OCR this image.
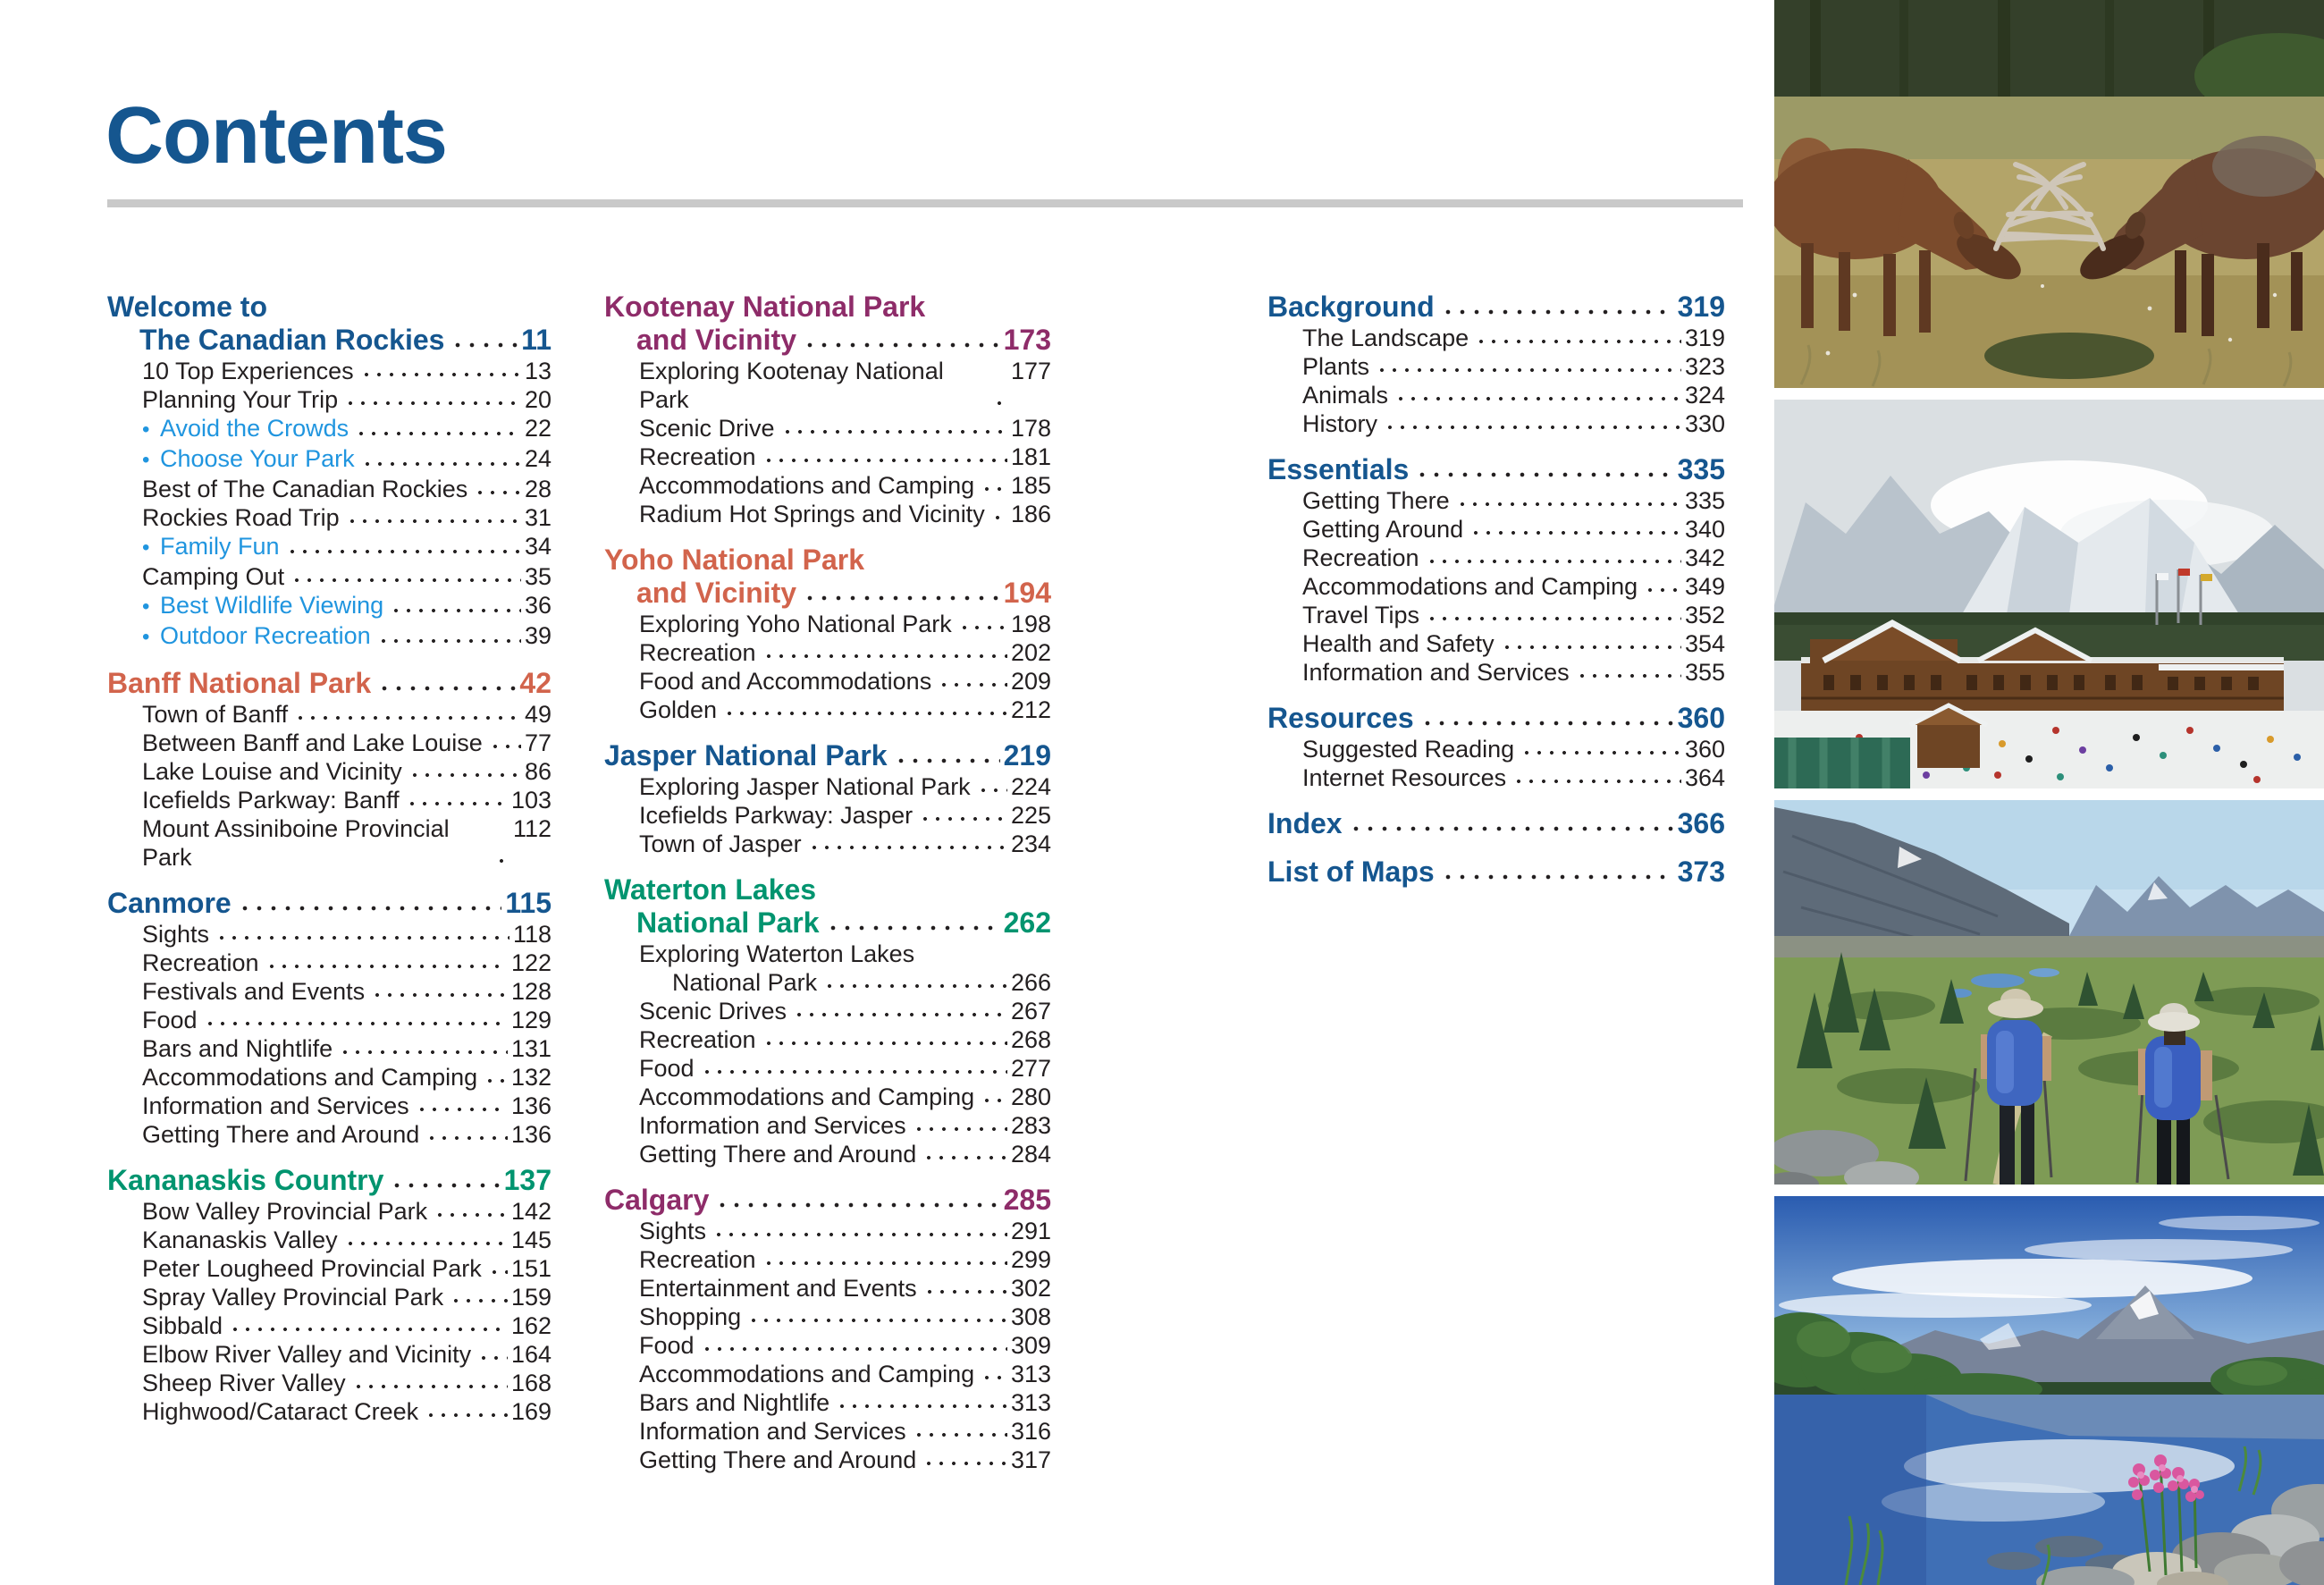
Contents
Welcome to
The Canadian Rockies	11
10 Top Experiences	13
Planning Your Trip	20
• Avoid the Crowds	22
• Choose Your Park	24
Best of The Canadian Rockies 28
Rockies Road Trip	31
• Family Fun	34
Camping Out	35
• Best Wildlife Viewing	36
• Outdoor Recreation	39
Banff National Park	42
Town of Banff	49
Between Banff and Lake Louise 77
Lake Louise and Vicinity	86
Icefields Parkway: Banff	103
Mount Assiniboine Provincial Park
112
Canmore	115
Sights	118
Recreation	122
Festivals and Events	128
Food	129
Bars and Nightlife	131
Accommodations and Camping 132
Information and Services	136
Getting There and Around	136
Kananaskis Country	137
Bow Valley Provincial Park	142
Kananaskis Valley	145
Peter Lougheed Provincial Park 151
Spray Valley Provincial Park	159
Sibbald	162
Elbow River Valley and Vicinity 164
Sheep River Valley	168
Highwood/Cataract Creek	169
Kootenay National Park
and Vicinity	173
Exploring Kootenay National Park
177
Scenic Drive	178
Recreation	181
Accommodations and Camping 185
Radium Hot Springs and Vicinity 186
Yoho National Park
and Vicinity	194
Exploring Yoho National Park 198
Recreation	202
Food and Accommodations	209
Golden	212
Jasper National Park	219
Exploring Jasper National Park 224
Icefields Parkway: Jasper	225
Town of Jasper	234
Waterton Lakes
National Park	262
Exploring Waterton Lakes
National Park	266
Scenic Drives	267
Recreation	268
Food	277
Accommodations and Camping 280
Information and Services	283
Getting There and Around	284
Calgary	285
Sights	291
Recreation	299
Entertainment and Events	302
Shopping	308
Food	309
Accommodations and Camping 313
Bars and Nightlife	313
Information and Services	316
Getting There and Around	317
Background	319
The Landscape	319
Plants	323
Animals	324
History	330
Essentials	335
Getting There	335
Getting Around	340
Recreation	342
Accommodations and Camping 349
Travel Tips	352
Health and Safety	354
Information and Services	355
Resources	360
Suggested Reading	360
Internet Resources	364
Index	366
List of Maps	373
